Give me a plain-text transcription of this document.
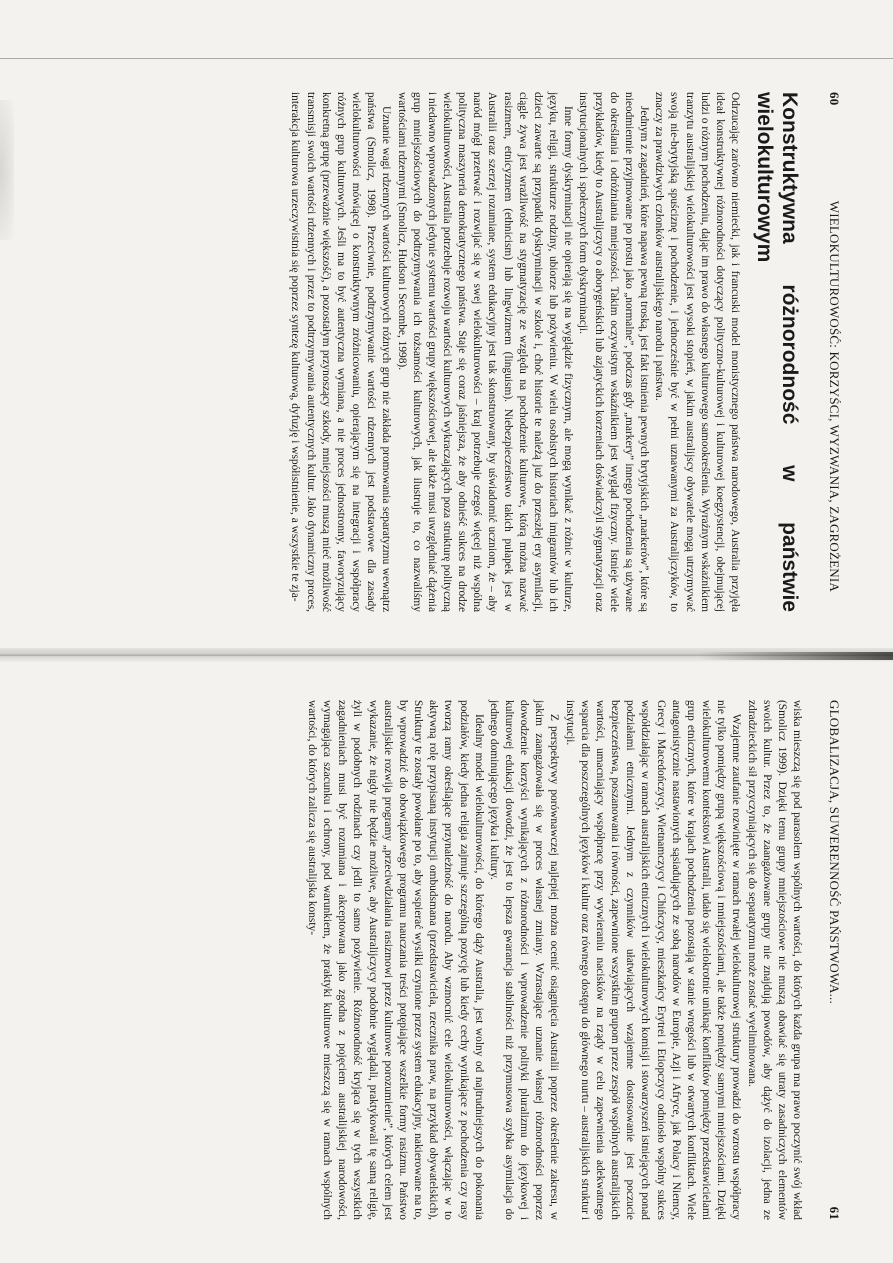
60
WIELOKULTUROWOŚĆ: KORZYŚCI, WYZWANIA, ZAGROŻENIA
Konstruktywna różnorodność w państwie wielokulturowym

Odrzucając zarówno niemiecki, jak i francuski model monistycznego państwa narodowego, Australia przyjęła ideał konstruktywnej różnorodności dotyczący polityczno-kulturowej i kulturowej koegzystencji, obejmującej ludzi o różnym pochodzeniu, dając im prawo do własnego kulturowego samookreślenia. Wyraźnym wskaźnikiem tranzytu australijskiej wielokulturowości jest wysoki stopień, w jakim australijscy obywatele mogą utrzymywać swoją nie-brytyjską spuściznę i pochodzenie, i jednocześnie być w pełni uznawanymi za Australijczyków, to znaczy za prawdziwych członków australijskiego narodu i państwa.

Jednym z zagadnień, które napawa pewną troską, jest fakt istnienia pewnych brytyjskich „markerów”, które są nieodmiennie przyjmowane po prostu jako „normalne”, podczas gdy „markery” innego pochodzenia są używane do określania i odróżniania mniejszości. Takim oczywistym wskaźnikiem jest wygląd fizyczny. Istnieje wiele przykładów, kiedy to Australijczycy o aborygeńskich lub azjatyckich korzeniach doświadczyli stygmatyzacji oraz instytucjonalnych i społecznych form dyskryminacji.

Inne formy dyskryminacji nie opierają się na wyglądzie fizycznym, ale mogą wynikać z różnic w kulturze, języku, religii, strukturze rodziny, ubiorze lub pożywieniu. W wielu osobistych historiach imigrantów lub ich dzieci zawarte są przypadki dyskryminacji w szkole i, choć historie te należą już do przeszłej ery asymilacji, ciągle żywa jest wrażliwość na stygmatyzację ze względu na pochodzenie kulturowe, którą można nazwać rasizmem, etnicyzmem (ethnicism) lub lingwizmem (linguism). Niebezpieczeństwo takich pułapek jest w Australii oraz szerzej rozumiane, system edukacyjny jest tak skonstruowany, by uświadomić uczniom, że – aby naród mógł przetrwać i rozwijać się w swej wielokulturowości – kraj potrzebuje czegoś więcej niż wspólna polityczna maszyneria demokratycznego państwa. Staje się coraz jaśniejsza, że aby odnieść sukces na drodze wielokulturowości, Australia potrzebuje rozwoju wartości kulturowych wykraczających poza strukturę polityczną i niedawno wprowadzonych jedynie systemu wartości grupy większościowej, ale także musi uwzględniać dążenia grup mniejszościowych do podtrzymywania ich tożsamości kulturowych, jak ilustruje to, co nazwaliśmy wartościami rdzennymi (Smolicz, Hudson i Secombe, 1998).

Uznanie wagi rdzennych wartości kulturowych różnych grup nie zakłada promowania separatyzmu wewnątrz państwa (Smolicz, 1998). Przeciwnie, podtrzymywanie wartości rdzennych jest podstawowe dla zasady wielokulturowości mówiącej o konstruktywnym zróżnicowaniu, opierającym się na integracji i współpracy różnych grup kulturowych. Jeśli ma to być autentyczna wymiana, a nie proces jednostronny, faworyzujący konkretną grupę (przeważnie większość), a pozostałym przynoszący szkody, mniejszości muszą mieć możliwość transmisji swoich wartości rdzennych i przez to podtrzymywania autentycznych kultur. Jako dynamiczny proces, interakcja kulturowa urzeczywistnia się poprzez syntezę kulturową, dyfuzję i współistnienie, a wszystkie te zja-

GLOBALIZACJA, SUWERENNOŚĆ PAŃSTWOWA...
61

wiska mieszczą się pod parasolem wspólnych wartości, do których każda grupa ma prawo poczynić swój wkład (Smolicz 1999). Dzięki temu grupy mniejszościowe nie muszą obawiać się utraty zasadniczych elementów swoich kultur. Przez to, że zaangażowane grupy nie znajdują powodów, aby dążyć do izolacji, jedna ze zdradzieckich sił przyczyniających się do separatyzmu może zostać wyeliminowana.

Wzajemne zaufanie rozwinięte w ramach trwałej wielokulturowej struktury prowadzi do wzrostu współpracy nie tylko pomiędzy grupą większościową i mniejszościami, ale także pomiędzy samymi mniejszościami. Dzięki wielokulturowemu kontekstowi Australii, udało się wielokrotnie uniknąć konfliktów pomiędzy przedstawicielami grup etnicznych, które w krajach pochodzenia pozostają w stanie wrogości lub w otwartych konfliktach. Wiele antagonistycznie nastawionych sąsiadujących ze sobą narodów w Europie, Azji i Afryce, jak Polacy i Niemcy, Grecy i Macedończycy, Wietnamczycy i Chińczycy, mieszkańcy Erytrei i Etiopczycy odniosło wspólny sukces współdziałając w ramach australijskich etnicznych i wielokulturowych komisji i stowarzyszeń istniejących ponad podziałami etnicznymi. Jednym z czynników ułatwiających wzajemne dostosowanie jest poczucie bezpieczeństwa, poszanowania i równości, zapewnione wszystkim grupom przez zespół wspólnych australijskich wartości, umacniający współpracę przy wywieraniu nacisków na rządy w celu zapewnienia adekwatnego wsparcia dla poszczególnych języków i kultur oraz równego dostępu do głównego nurtu – australijskich struktur i instytucji.

Z perspektywy porównawczej najlepiej można ocenić osiągnięcia Australii poprzez określenie zakresu, w jakim zaangażowała się w proces własnej zmiany. Wzrastające uznanie własnej różnorodności poprzez dowodzenie korzyści wynikających z różnorodności i wprowadzenie polityki pluralizmu do językowej i kulturowej edukacji dowodzi, że jest to lepsza gwarancja stabilności niż przymusowa szybka asymilacja do jednego dominującego języka i kultury.

Idealny model wielokulturowości, do którego dąży Australia, jest wolny od najtrudniejszych do pokonania podziałów, kiedy jedna religia zajmuje szczególną pozycję lub kiedy cechy wynikające z pochodzenia czy rasy tworzą ramy określające przynależność do narodu. Aby wzmocnić cele wielokulturowości, włączając w to aktywną rolę przypisaną instytucji ombudsmana (przedstawiciela, rzecznika praw, na przykład obywatelskich), Struktury te zostały powołane po to, aby wspierać wysiłki czynione przez system edukacyjny, nakierowane na to, by wprowadzić do obowiązkowego programu nauczania treści potępiające wszelkie formy rasizmu. Państwo australijskie rozwija programy „przeciwdziałania rasizmowi przez kulturowe porozumienie”, których celem jest wykazanie, że nigdy nie będzie możliwe, aby Australijczycy podobnie wyglądali, praktykowali tę samą religię, żyli w podobnych rodzinach czy jedli to samo pożywienie. Różnorodność kryjąca się w tych wszystkich zagadnieniach musi być rozumiana i akceptowana jako zgodna z pojęciem australijskiej narodowości, wymagająca szacunku i ochrony, pod warunkiem, że praktyki kulturowe mieszczą się w ramach wspólnych wartości, do których zalicza się australijska konsty-
